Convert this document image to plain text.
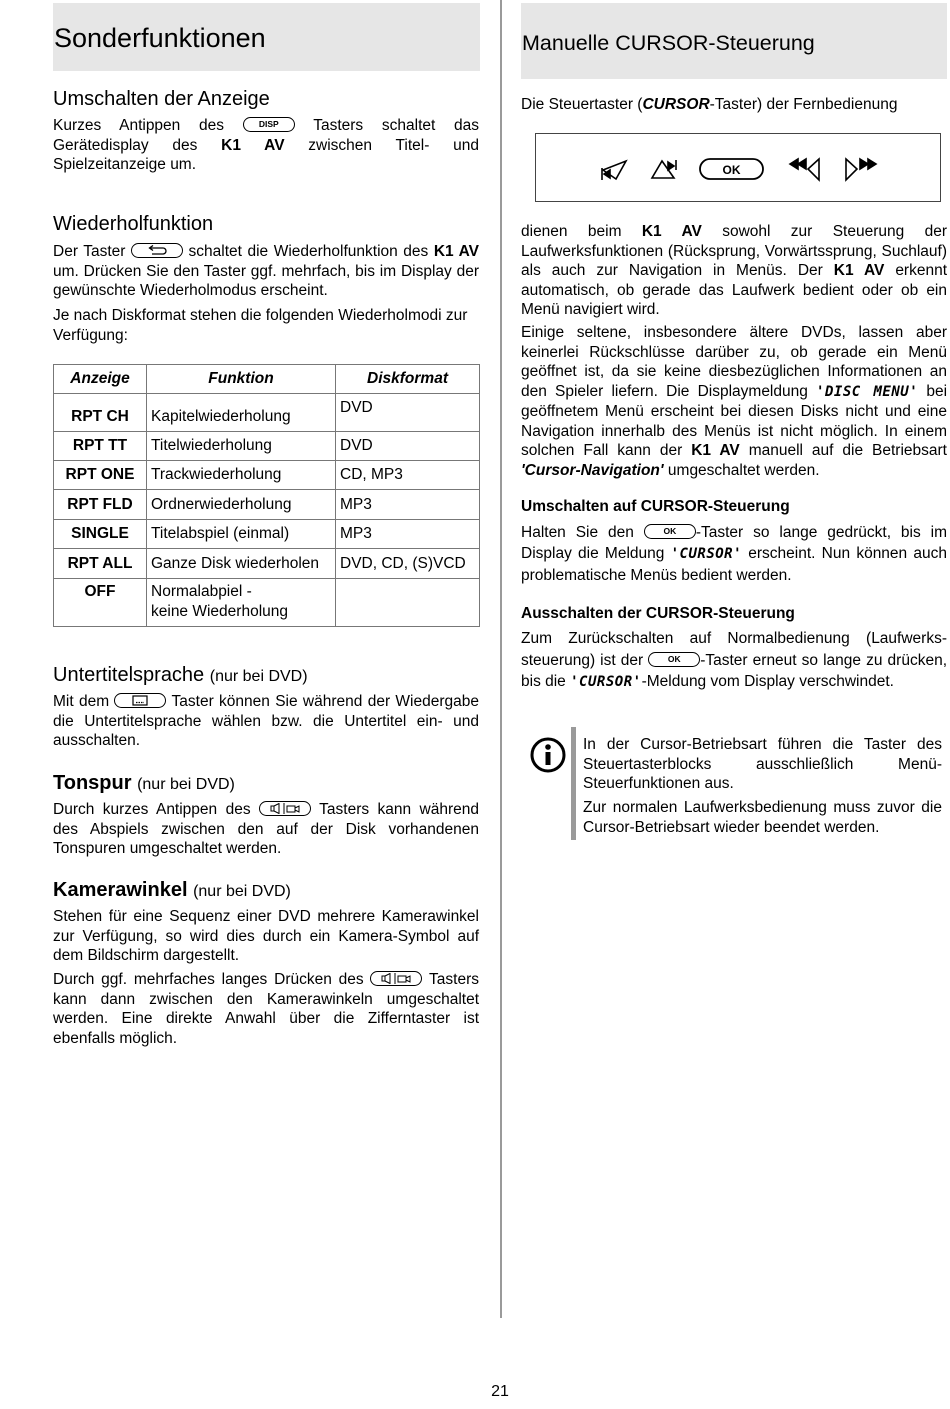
Sonderfunktionen	Manuelle CURSOR-Steuerung
Umschalten der Anzeige

Kurzes Antippen des	DISP Tasters schaltet das Gerätedisplay des K1 AV zwischen Titel- und Spielzeitanzeige um.

Wiederholfunktion

Der Taster	schaltet die Wiederholfunktion des K1 AV um. Drücken Sie den Taster ggf. mehrfach, bis im Display der gewünschte Wiederholmodus erscheint.

Je nach Diskformat stehen die folgenden Wiederholmodi zur Verfügung:

Anzeige	Funktion	Diskformat
RPT CH	Kapitelwiederholung	DVD
RPT TT	Titelwiederholung	DVD
RPT ONE	Trackwiederholung	CD, MP3
RPT FLD	Ordnerwiederholung	MP3
SINGLE	Titelabspiel (einmal)	MP3
RPT ALL	Ganze Disk wiederholen	DVD, CD, (S)VCD
OFF	Normalabpiel -
keine Wiederholung	

Untertitelsprache (nur bei DVD)

Mit dem	Taster können Sie während der Wiedergabe die Untertitelsprache wählen bzw. die Untertitel ein- und ausschalten.

Tonspur (nur bei DVD)

Durch kurzes Antippen des	Tasters kann während des Abspiels zwischen den auf der Disk vorhandenen Tonspuren umgeschaltet werden.

Kamerawinkel (nur bei DVD)

Stehen für eine Sequenz einer DVD mehrere Kamerawinkel zur Verfügung, so wird dies durch ein Kamera-Symbol auf dem Bildschirm dargestellt.

Durch ggf. mehrfaches langes Drücken des	Tasters kann dann zwischen den Kamerawinkeln umgeschaltet werden. Eine direkte Anwahl über die Zifferntaster ist ebenfalls möglich.

Die Steuertaster (CURSOR-Taster) der Fernbedienung

OK

dienen beim K1 AV sowohl zur Steuerung der Laufwerksfunktionen (Rücksprung, Vorwärtssprung, Suchlauf) als auch zur Navigation in Menüs. Der K1 AV erkennt automatisch, ob gerade das Laufwerk bedient oder ob ein Menü navigiert wird.

Einige seltene, insbesondere ältere DVDs, lassen aber keinerlei Rückschlüsse darüber zu, ob gerade ein Menü geöffnet ist, da sie keine diesbezüglichen Informationen an den Spieler liefern. Die Displaymeldung 'DISC MENU' bei geöffnetem Menü erscheint bei diesen Disks nicht und eine Navigation innerhalb des Menüs ist nicht möglich. In einem solchen Fall kann der K1 AV manuell auf die Betriebsart 'Cursor-Navigation' umgeschaltet werden.

Umschalten auf CURSOR-Steuerung

Halten Sie den	OK -Taster so lange gedrückt, bis im Display die Meldung 'CURSOR' erscheint. Nun können auch problematische Menüs bedient werden.

Ausschalten der CURSOR-Steuerung

Zum Zurückschalten auf Normalbedienung (Laufwerks-steuerung) ist der	OK -Taster erneut so lange zu drücken, bis die 'CURSOR'-Meldung vom Display verschwindet.

In der Cursor-Betriebsart führen die Taster des Steuertasterblocks ausschließlich Menü-Steuerfunktionen aus.

Zur normalen Laufwerksbedienung muss zuvor die Cursor-Betriebsart wieder beendet werden.

21
